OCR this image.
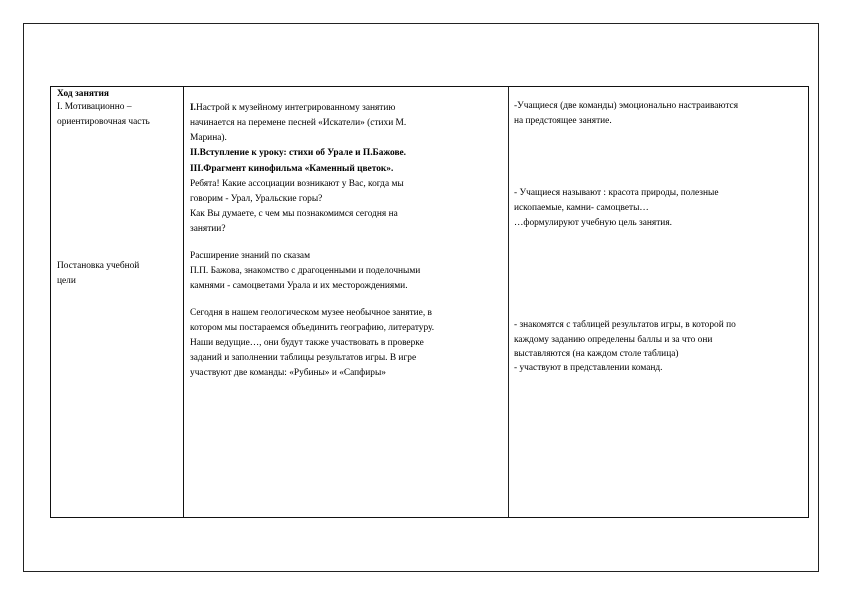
Ход занятия
I. Мотивационно –
ориентировочная часть
Постановка учебной
цели
I.Настрой к музейному интегрированному занятию
начинается на перемене песней «Искатели» (стихи М.
Марина).
II.Вступление к уроку: стихи об Урале и П.Бажове.
III.Фрагмент кинофильма «Каменный цветок».
Ребята! Какие ассоциации возникают у Вас, когда мы
говорим - Урал, Уральские горы?
Как Вы думаете, с чем мы познакомимся сегодня на
занятии?
Расширение знаний по сказам
П.П. Бажова, знакомство с драгоценными и поделочными
камнями - самоцветами Урала и их месторождениями.
Сегодня в нашем геологическом музее необычное занятие, в
котором мы постараемся объединить географию, литературу.
Наши ведущие…, они будут также участвовать в проверке
заданий и заполнении таблицы результатов игры. В игре
участвуют две команды: «Рубины» и «Сапфиры»
-Учащиеся (две команды) эмоционально настраиваются
на предстоящее занятие.
- Учащиеся называют : красота природы, полезные
ископаемые, камни- самоцветы…
…формулируют учебную цель занятия.
- знакомятся с таблицей результатов игры, в которой по
каждому заданию определены баллы и за что они
выставляются (на каждом столе таблица)
- участвуют в представлении команд.
